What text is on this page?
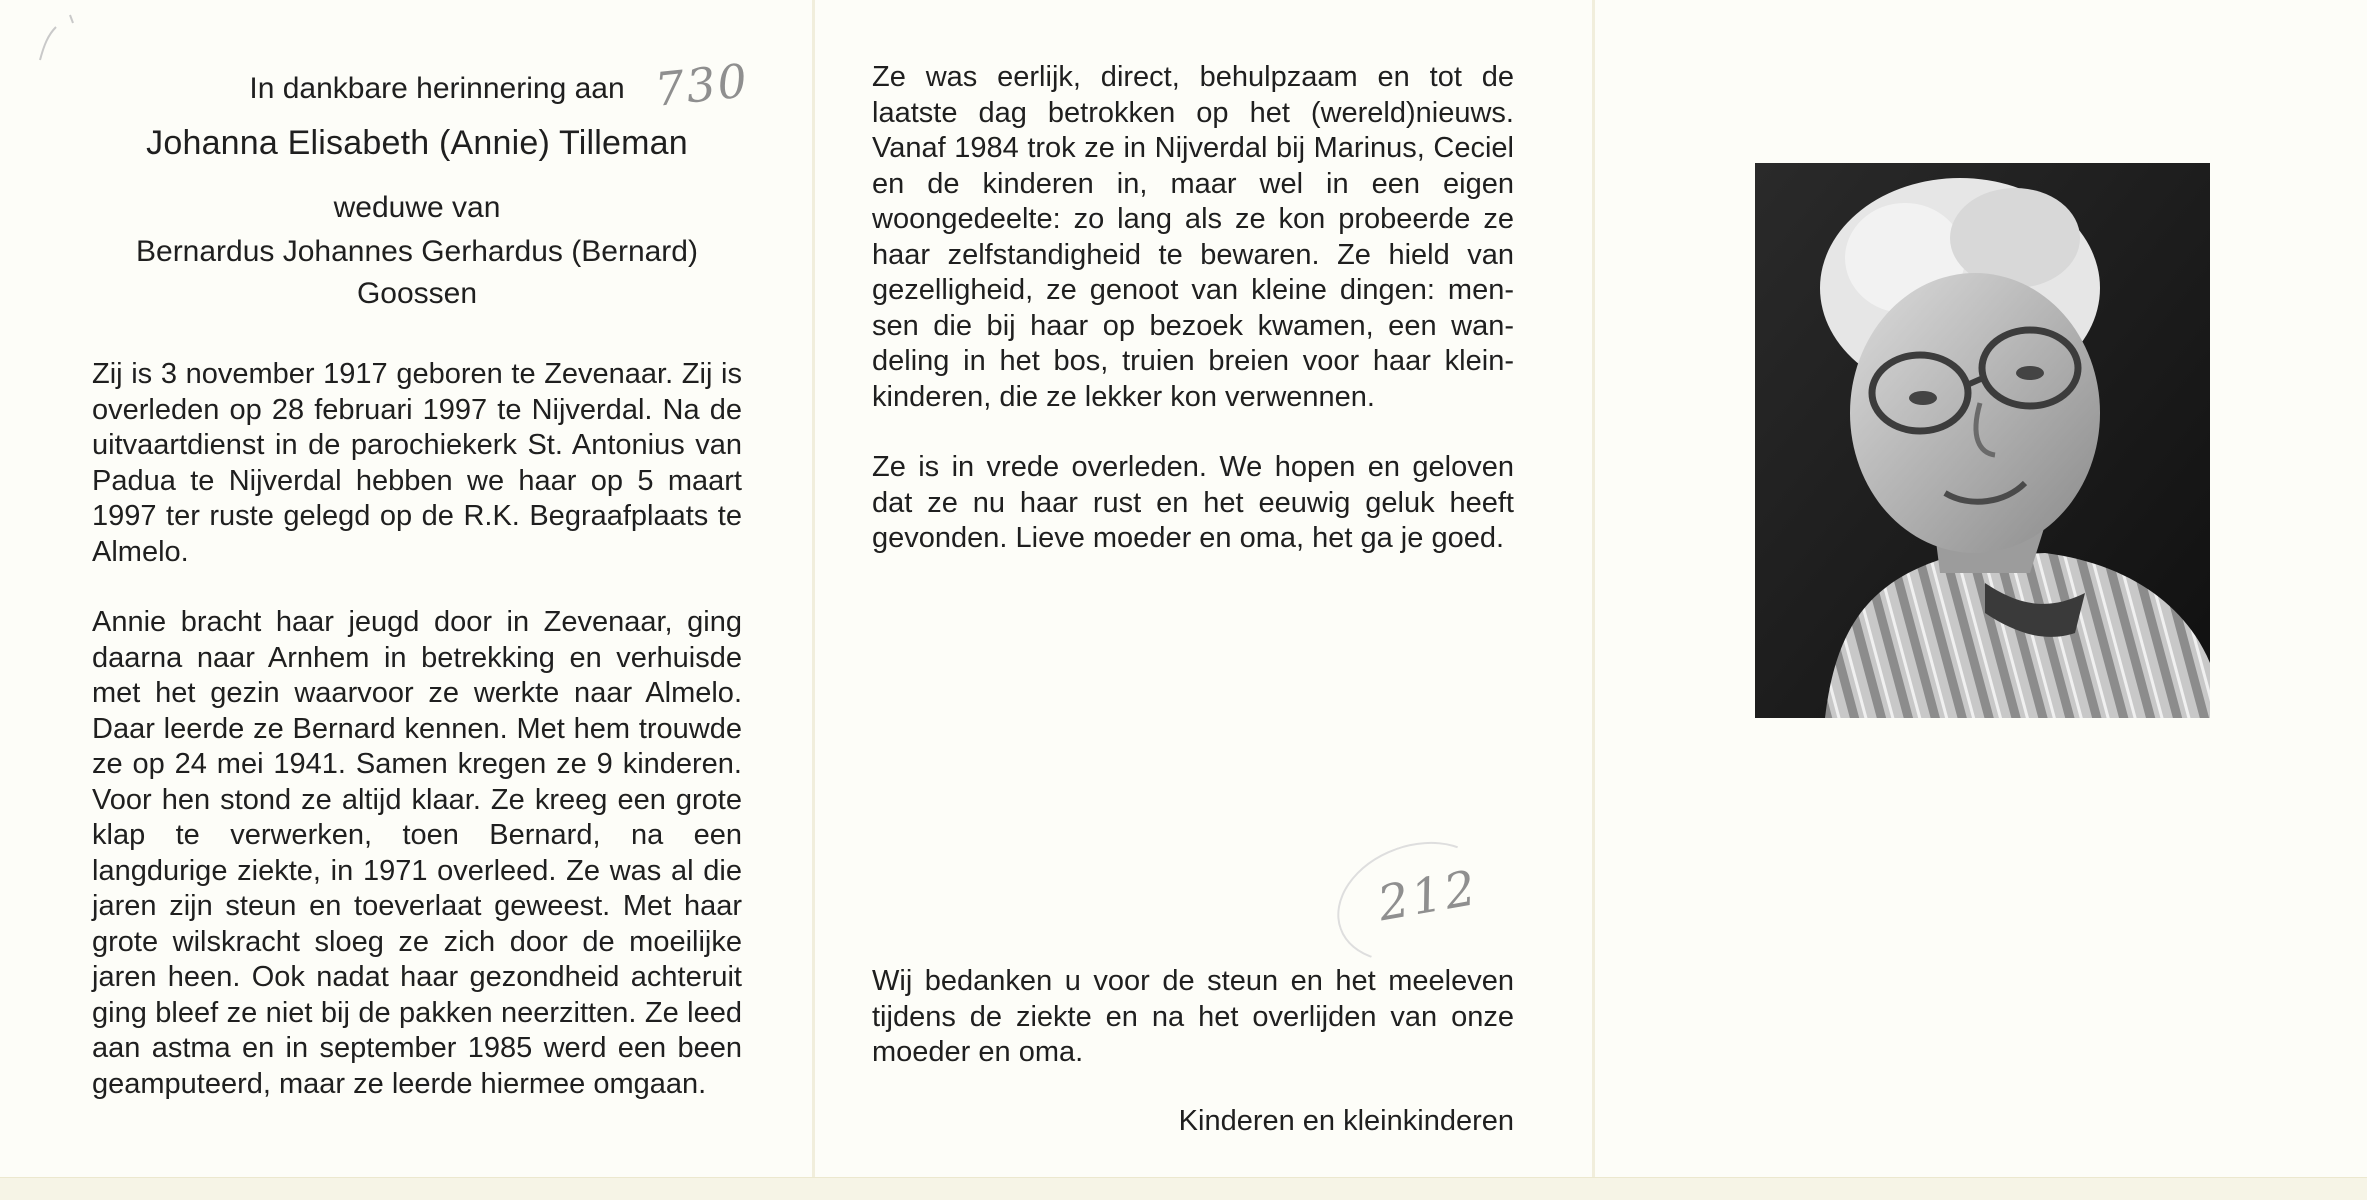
In dankbare herinnering aan

Johanna Elisabeth (Annie) Tilleman

weduwe van

Bernardus Johannes Gerhardus (Bernard)
Goossen

Zij is 3 november 1917 geboren te Zevenaar. Zij is overleden op 28 februari 1997 te Nijverdal. Na de uitvaartdienst in de parochiekerk St. Antonius van Padua te Nijverdal hebben we haar op 5 maart 1997 ter ruste gelegd op de R.K. Begraafplaats te Almelo.

Annie bracht haar jeugd door in Zevenaar, ging daarna naar Arnhem in betrekking en verhuisde met het gezin waarvoor ze werkte naar Almelo. Daar leerde ze Bernard kennen. Met hem trouwde ze op 24 mei 1941. Samen kregen ze 9 kinderen. Voor hen stond ze altijd klaar. Ze kreeg een grote klap te verwerken, toen Bernard, na een langdurige ziekte, in 1971 overleed. Ze was al die jaren zijn steun en toeverlaat geweest. Met haar grote wilskracht sloeg ze zich door de moeilijke jaren heen. Ook nadat haar gezondheid achteruit ging bleef ze niet bij de pakken neerzitten. Ze leed aan astma en in september 1985 werd een been geamputeerd, maar ze leerde hiermee omgaan.

730	Ze was eerlijk, direct, behulpzaam en tot de laatste dag betrokken op het (wereld)nieuws. Vanaf 1984 trok ze in Nijverdal bij Marinus, Ceciel en de kinderen in, maar wel in een eigen woongedeelte: zo lang als ze kon probeerde ze haar zelfstandigheid te bewaren. Ze hield van gezelligheid, ze genoot van kleine dingen: mensen die bij haar op bezoek kwamen, een wandeling in het bos, truien breien voor haar kleinkinderen, die ze lekker kon verwennen.

Ze is in vrede overleden. We hopen en geloven dat ze nu haar rust en het eeuwig geluk heeft gevonden. Lieve moeder en oma, het ga je goed.

212

Wij bedanken u voor de steun en het meeleven tijdens de ziekte en na het overlijden van onze moeder en oma.

Kinderen en kleinkinderen
